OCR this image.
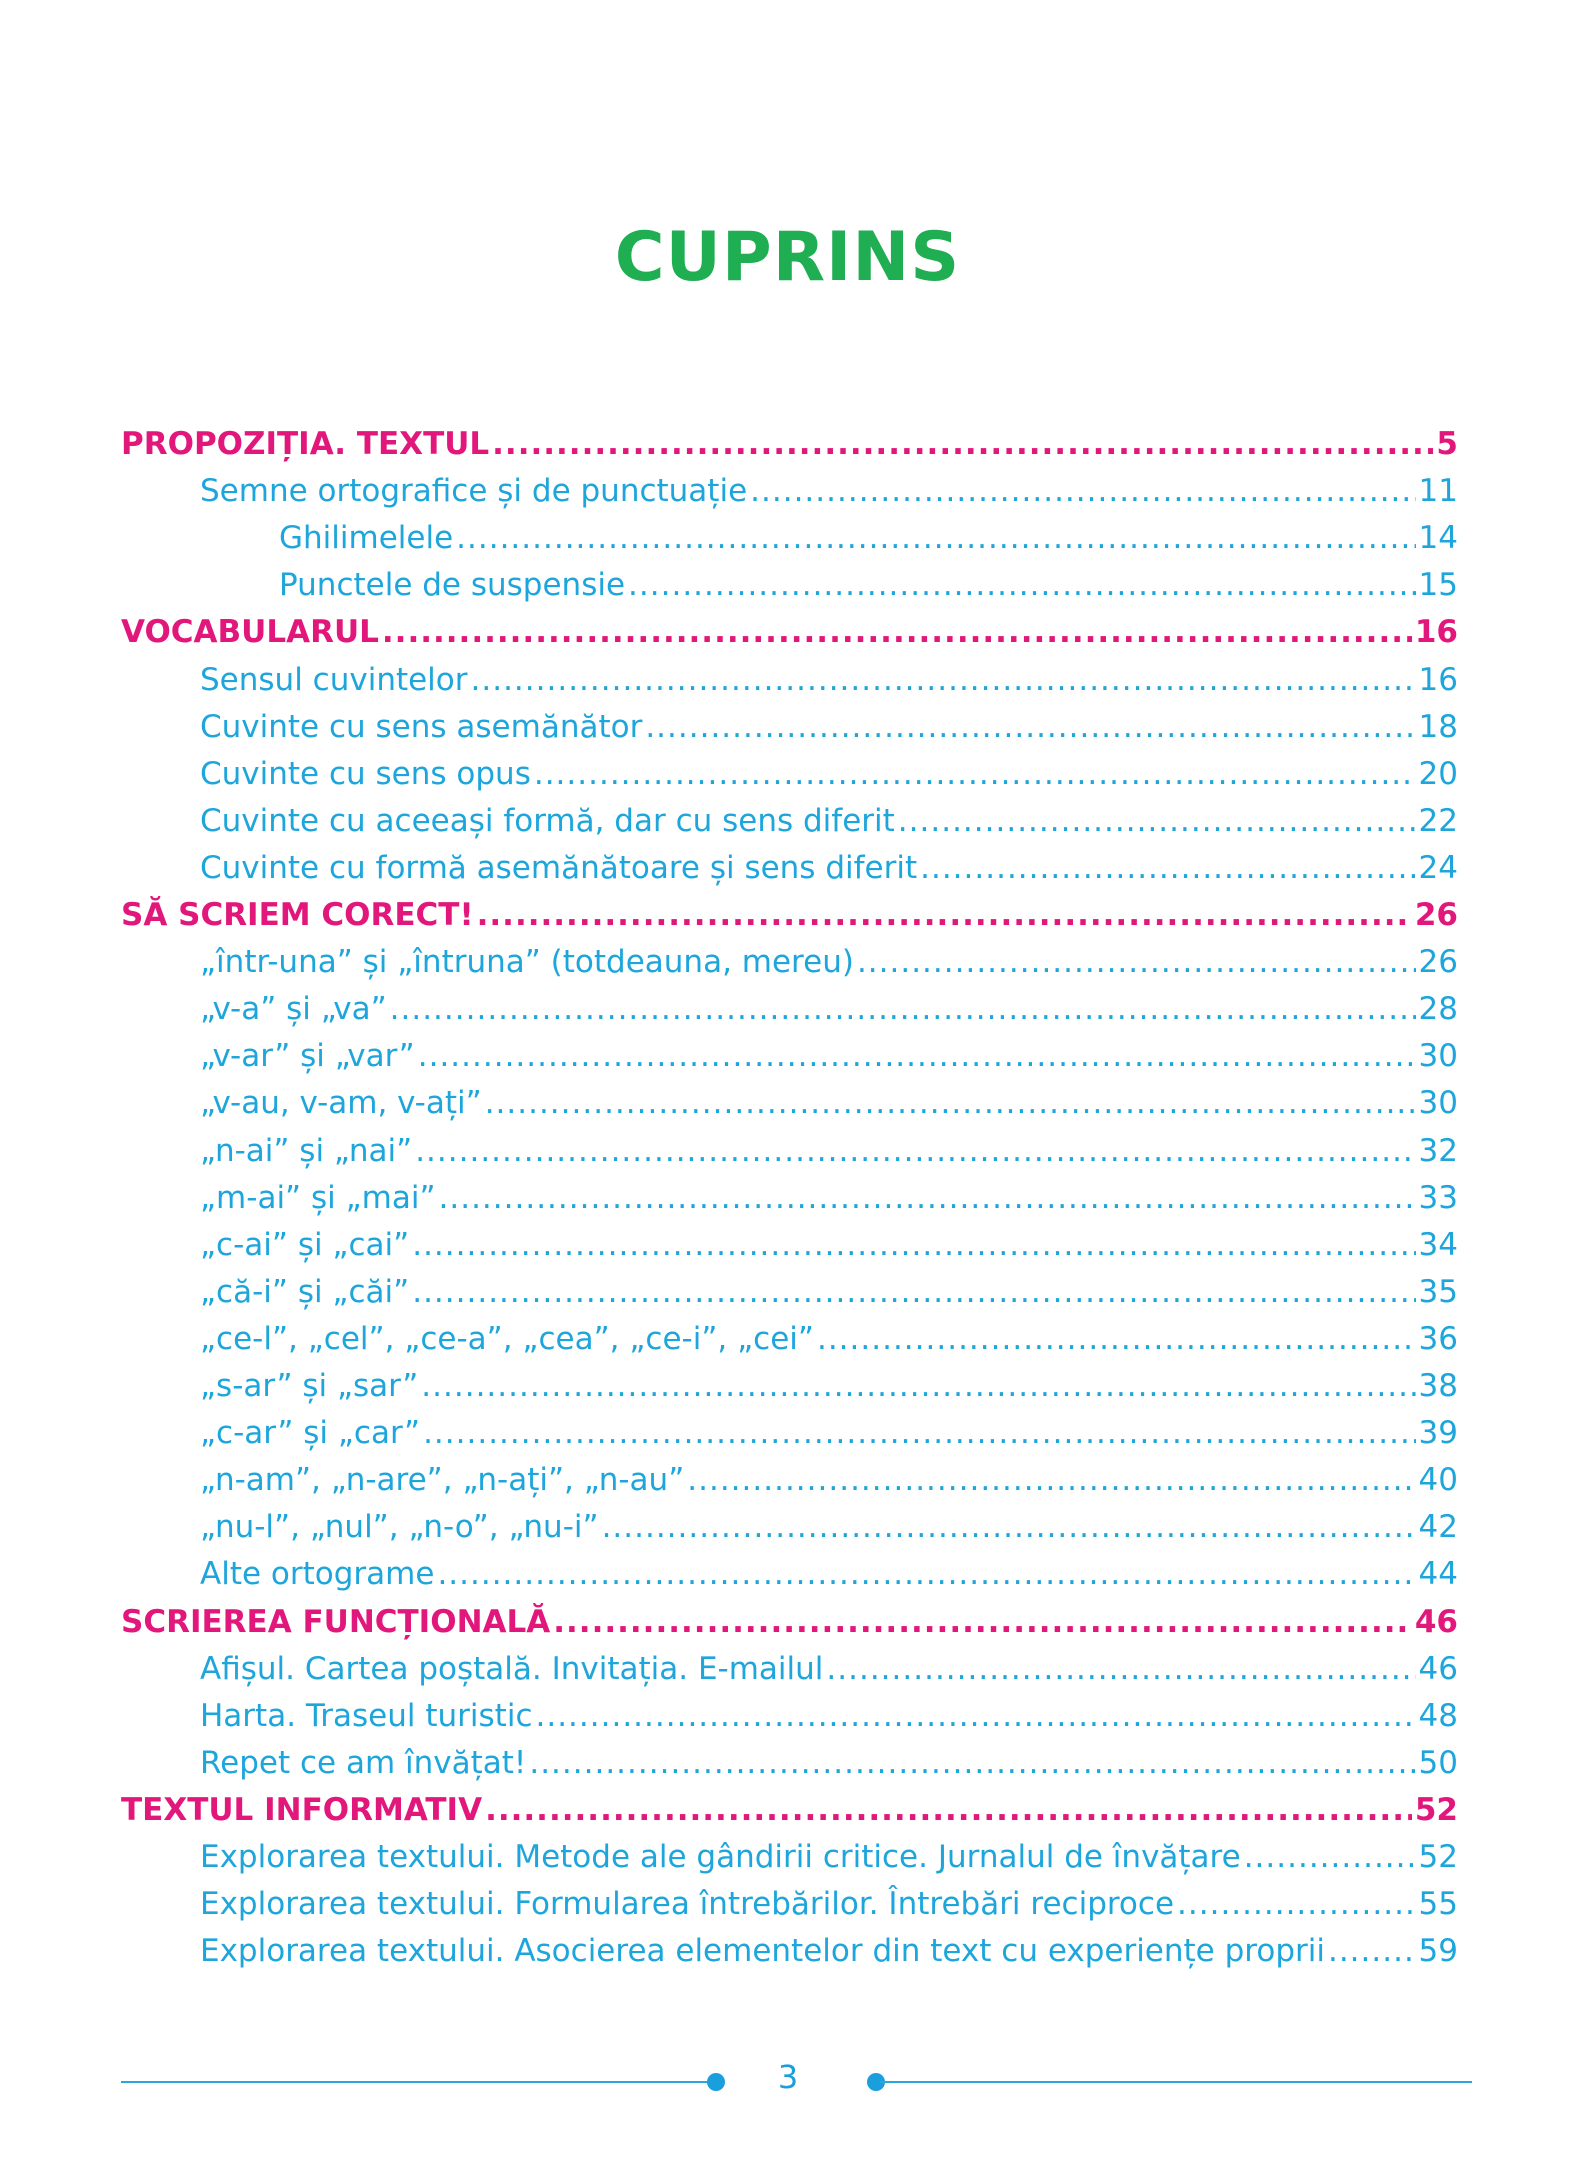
CUPRINS
PROPOZIȚIA. TEXTUL .....	5
Semne ortografice și de punctuație .....	11
Ghilimelele .....	14
Punctele de suspensie .....	15
VOCABULARUL .....	16
Sensul cuvintelor .....	16
Cuvinte cu sens asemănător .....	18
Cuvinte cu sens opus .....	20
Cuvinte cu aceeași formă, dar cu sens diferit .....	22
Cuvinte cu formă asemănătoare și sens diferit .....	24
SĂ SCRIEM CORECT! .....	26
„într-una” și „întruna” (totdeauna, mereu) .....	26
„v-a” și „va” .....	28
„v-ar” și „var” .....	30
„v-au, v-am, v-ați” .....	30
„n-ai” și „nai” .....	32
„m-ai” și „mai” .....	33
„c-ai” și „cai” .....	34
„că-i” și „căi” .....	35
„ce-l”, „cel”, „ce-a”, „cea”, „ce-i”, „cei” .....	36
„s-ar” și „sar” .....	38
„c-ar” și „car” .....	39
„n-am”, „n-are”, „n-ați”, „n-au” .....	40
„nu-l”, „nul”, „n-o”, „nu-i” .....	42
Alte ortograme .....	44
SCRIEREA FUNCȚIONALĂ .....	46
Afișul. Cartea poștală. Invitația. E-mailul .....	46
Harta. Traseul turistic .....	48
Repet ce am învățat! .....	50
TEXTUL INFORMATIV .....	52
Explorarea textului. Metode ale gândirii critice. Jurnalul de învățare .....	52
Explorarea textului. Formularea întrebărilor. Întrebări reciproce .....	55
Explorarea textului. Asocierea elementelor din text cu experiențe proprii .....	59
3
